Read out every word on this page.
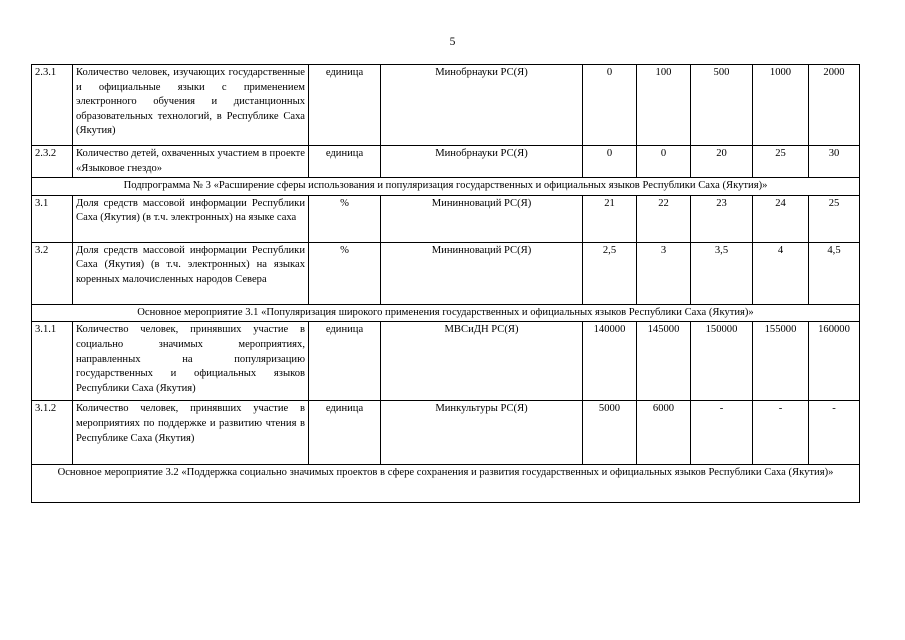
5
2.3.1	Количество человек, изучающих государственные и официальные языки с применением электронного обучения и дистанционных образовательных технологий, в Республике Саха (Якутия)	единица	Минобрнауки РС(Я)	0	100	500	1000	2000
2.3.2	Количество детей, охваченных участием в проекте «Языковое гнездо»	единица	Минобрнауки РС(Я)	0	0	20	25	30
Подпрограмма № 3 «Расширение сферы использования и популяризация государственных и официальных языков Республики Саха (Якутия)»								
3.1	Доля средств массовой информации Республики Саха (Якутия) (в т.ч. электронных) на языке саха	%	Мининноваций РС(Я)	21	22	23	24	25
3.2	Доля средств массовой информации Республики Саха (Якутия) (в т.ч. электронных) на языках коренных малочисленных народов Севера	%	Мининноваций РС(Я)	2,5	3	3,5	4	4,5
Основное мероприятие 3.1 «Популяризация широкого применения государственных и официальных языков Республики Саха (Якутия)»								
3.1.1	Количество человек, принявших участие в социально значимых мероприятиях, направленных на популяризацию государственных и официальных языков Республики Саха (Якутия)	единица	МВСиДН РС(Я)	140000	145000	150000	155000	160000
3.1.2	Количество человек, принявших участие в мероприятиях по поддержке и развитию чтения в Республике Саха (Якутия)	единица	Минкультуры РС(Я)	5000	6000	-	-	-
Основное мероприятие 3.2 «Поддержка социально значимых проектов в сфере сохранения и развития государственных и официальных языков Республики Саха (Якутия)»								
